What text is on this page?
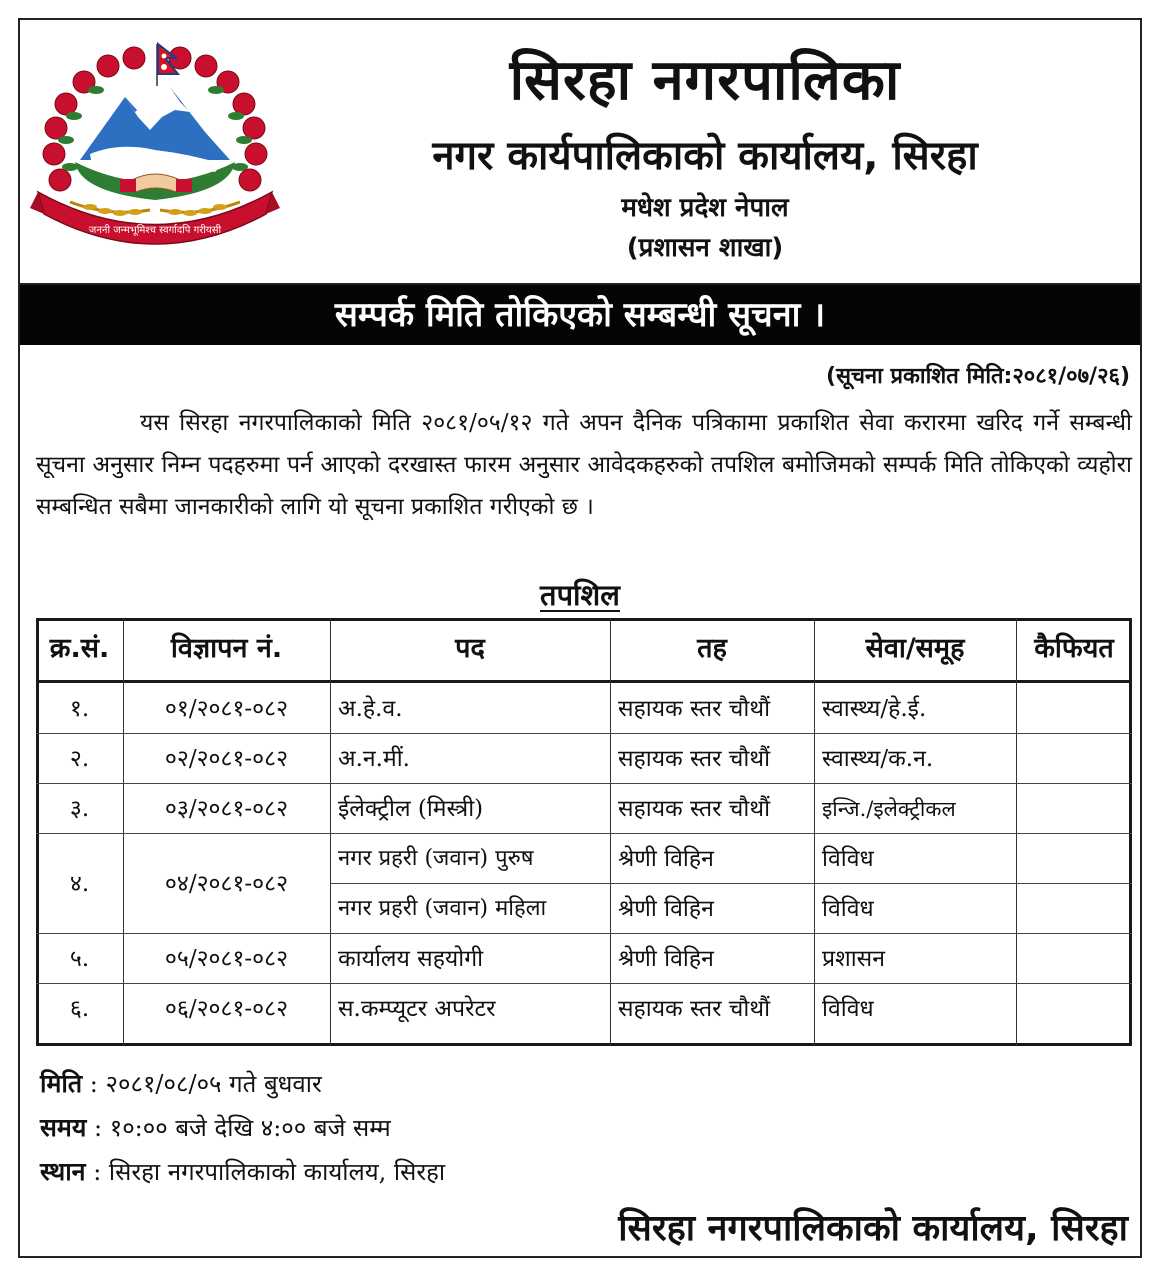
जननी जन्मभूमिश्च स्वर्गादपि गरीयसी
सिरहा नगरपालिका
नगर कार्यपालिकाको कार्यालय, सिरहा
मधेश प्रदेश नेपाल
(प्रशासन शाखा)
सम्पर्क मिति तोकिएको सम्बन्धी सूचना ।
(सूचना प्रकाशित मिति:२०८१/०७/२६)
यस सिरहा नगरपालिकाको मिति २०८१/०५/१२ गते अपन दैनिक पत्रिकामा प्रकाशित सेवा करारमा खरिद गर्ने सम्बन्धी सूचना अनुसार निम्न पदहरुमा पर्न आएको दरखास्त फारम अनुसार आवेदकहरुको तपशिल बमोजिमको सम्पर्क मिति तोकिएको व्यहोरा सम्बन्धित सबैमा जानकारीको लागि यो सूचना प्रकाशित गरीएको छ ।
तपशिल
क्र.सं.	विज्ञापन नं.	पद	तह	सेवा/समूह	कैफियत
१.	०१/२०८१-०८२	अ.हे.व.	सहायक स्तर चौथौं	स्वास्थ्य/हे.ई.
२.	०२/२०८१-०८२	अ.न.मीं.	सहायक स्तर चौथौं	स्वास्थ्य/क.न.
३.	०३/२०८१-०८२	ईलेक्ट्रील (मिस्त्री)	सहायक स्तर चौथौं	इन्जि./इलेक्ट्रीकल
४.	०४/२०८१-०८२
नगर प्रहरी (जवान) पुरुष	श्रेणी विहिन	विविध
नगर प्रहरी (जवान) महिला	श्रेणी विहिन	विविध
५.	०५/२०८१-०८२	कार्यालय सहयोगी	श्रेणी विहिन	प्रशासन
६.	०६/२०८१-०८२	स.कम्प्यूटर अपरेटर	सहायक स्तर चौथौं	विविध
मिति : २०८१/०८/०५ गते बुधवार
समय : १०:०० बजे देखि ४:०० बजे सम्म
स्थान : सिरहा नगरपालिकाको कार्यालय, सिरहा
सिरहा नगरपालिकाको कार्यालय, सिरहा
